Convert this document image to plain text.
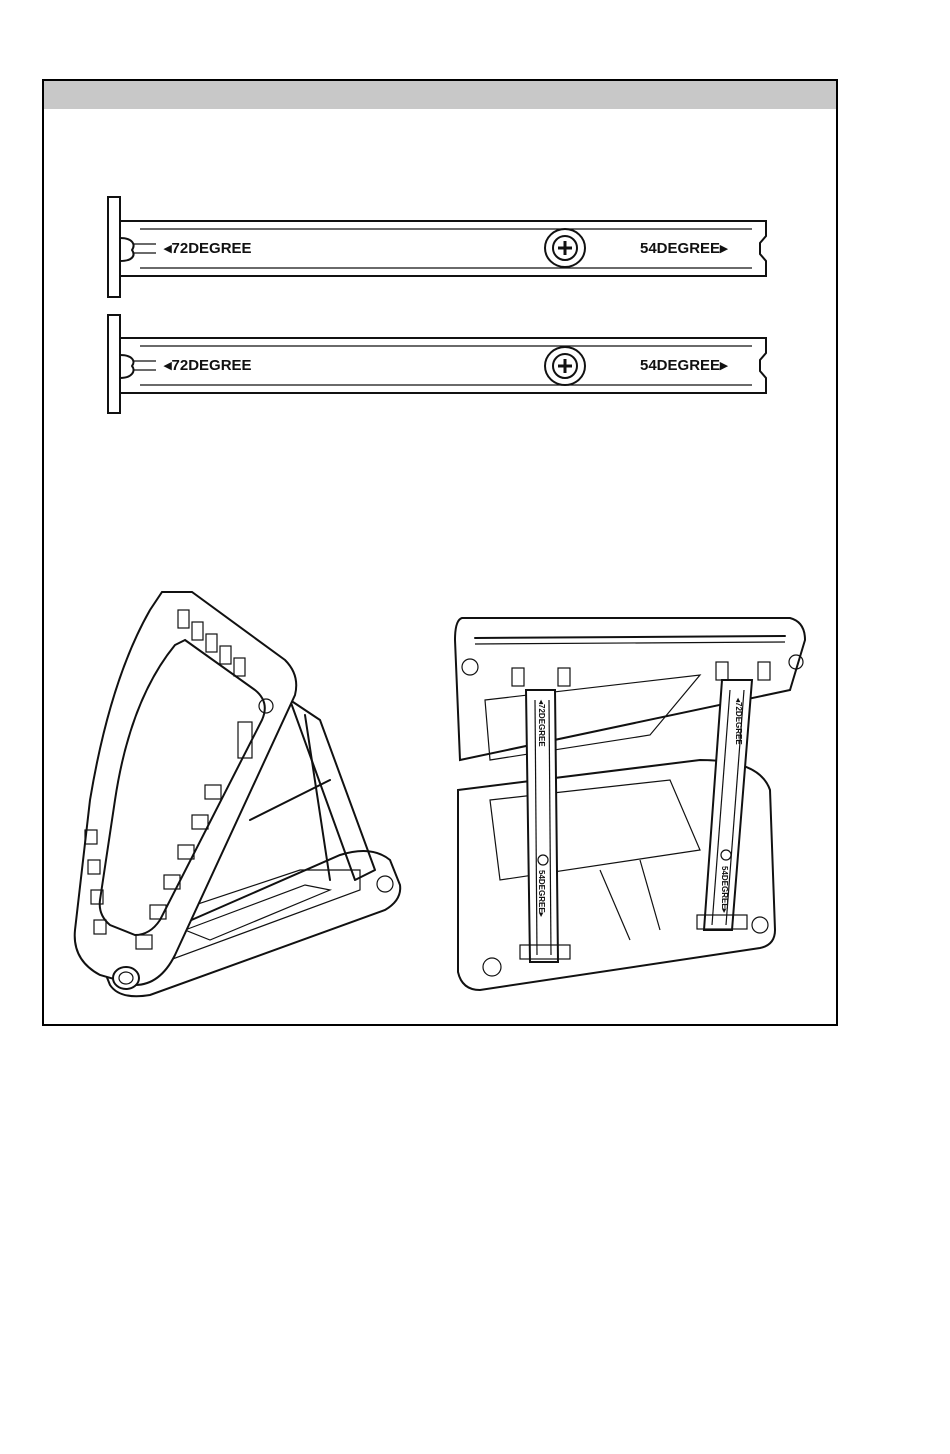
◂72DEGREE	54DEGREE▸
◂72DEGREE	54DEGREE▸
◂72DEGREE
54DEGREE▸
◂72DEGREE
54DEGREE▸
